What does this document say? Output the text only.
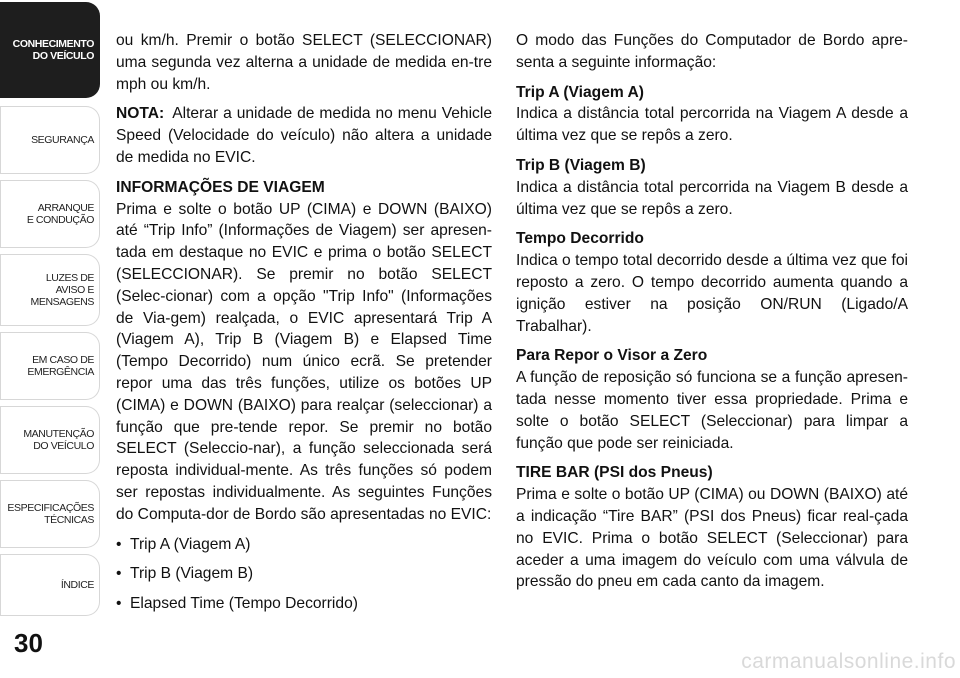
CONHECIMENTO
DO VEÍCULO
SEGURANÇA
ARRANQUE
E CONDUÇÃO
LUZES DE
AVISO E
MENSAGENS
EM CASO DE
EMERGÊNCIA
MANUTENÇÃO
DO VEÍCULO
ESPECIFICAÇÕES
TÉCNICAS
ÍNDICE
30

ou km/h. Premir o botão SELECT (SELECCIONAR) uma segunda vez alterna a unidade de medida en-tre mph ou km/h.

NOTA: Alterar a unidade de medida no menu Vehicle Speed (Velocidade do veículo) não altera a unidade de medida no EVIC.

INFORMAÇÕES DE VIAGEM

Prima e solte o botão UP (CIMA) e DOWN (BAIXO) até “Trip Info” (Informações de Viagem) ser apresen-tada em destaque no EVIC e prima o botão SELECT (SELECCIONAR). Se premir no botão SELECT (Selec-cionar) com a opção "Trip Info" (Informações de Via-gem) realçada, o EVIC apresentará Trip A (Viagem A), Trip B (Viagem B) e Elapsed Time (Tempo Decorrido) num único ecrã. Se pretender repor uma das três funções, utilize os botões UP (CIMA) e DOWN (BAIXO) para realçar (seleccionar) a função que pre-tende repor. Se premir no botão SELECT (Seleccio-nar), a função seleccionada será reposta individual-mente. As três funções só podem ser repostas individualmente. As seguintes Funções do Computa-dor de Bordo são apresentadas no EVIC:

• Trip A (Viagem A)
• Trip B (Viagem B)
• Elapsed Time (Tempo Decorrido)

O modo das Funções do Computador de Bordo apre-senta a seguinte informação:

Trip A (Viagem A)

Indica a distância total percorrida na Viagem A desde a última vez que se repôs a zero.

Trip B (Viagem B)

Indica a distância total percorrida na Viagem B desde a última vez que se repôs a zero.

Tempo Decorrido

Indica o tempo total decorrido desde a última vez que foi reposto a zero. O tempo decorrido aumenta quando a ignição estiver na posição ON/RUN (Ligado/A Trabalhar).

Para Repor o Visor a Zero

A função de reposição só funciona se a função apresen-tada nesse momento tiver essa propriedade. Prima e solte o botão SELECT (Seleccionar) para limpar a função que pode ser reiniciada.

TIRE BAR (PSI dos Pneus)

Prima e solte o botão UP (CIMA) ou DOWN (BAIXO) até a indicação “Tire BAR” (PSI dos Pneus) ficar real-çada no EVIC. Prima o botão SELECT (Seleccionar) para aceder a uma imagem do veículo com uma válvula de pressão do pneu em cada canto da imagem.

carmanualsonline.info
